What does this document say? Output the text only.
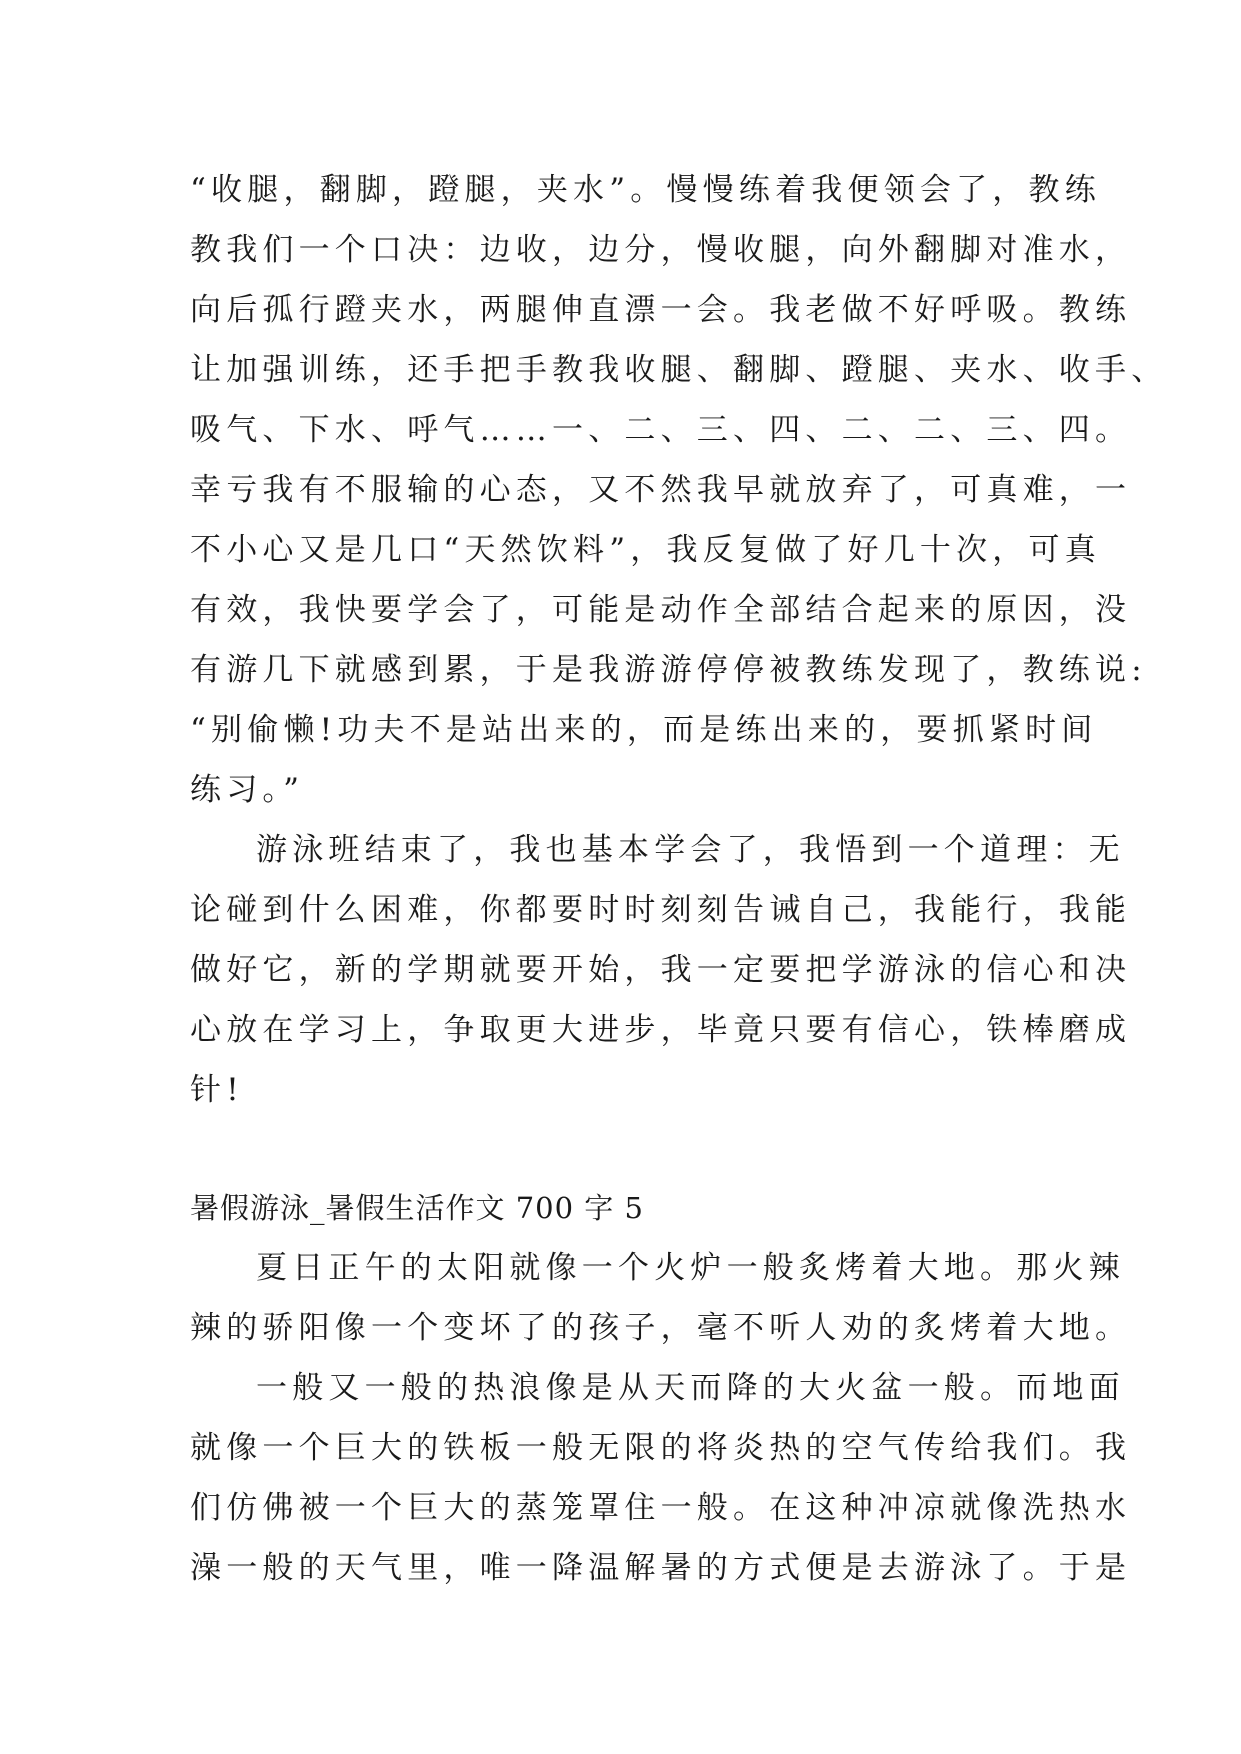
“收腿，翻脚，蹬腿，夹水”。慢慢练着我便领会了，教练
教我们一个口决：边收，边分，慢收腿，向外翻脚对准水，
向后孤行蹬夹水，两腿伸直漂一会。我老做不好呼吸。教练
让加强训练，还手把手教我收腿、翻脚、蹬腿、夹水、收手、
吸气、下水、呼气……一、二、三、四、二、二、三、四。
幸亏我有不服输的心态，又不然我早就放弃了，可真难，一
不小心又是几口“天然饮料”，我反复做了好几十次，可真
有效，我快要学会了，可能是动作全部结合起来的原因，没
有游几下就感到累，于是我游游停停被教练发现了，教练说:
“别偷懒!功夫不是站出来的，而是练出来的，要抓紧时间
练习。”
游泳班结束了，我也基本学会了，我悟到一个道理：无
论碰到什么困难，你都要时时刻刻告诫自己，我能行，我能
做好它，新的学期就要开始，我一定要把学游泳的信心和决
心放在学习上，争取更大进步，毕竟只要有信心，铁棒磨成
针!
暑假游泳_暑假生活作文 700 字 5
夏日正午的太阳就像一个火炉一般炙烤着大地。那火辣
辣的骄阳像一个变坏了的孩子，毫不听人劝的炙烤着大地。
一般又一般的热浪像是从天而降的大火盆一般。而地面
就像一个巨大的铁板一般无限的将炎热的空气传给我们。我
们仿佛被一个巨大的蒸笼罩住一般。在这种冲凉就像洗热水
澡一般的天气里，唯一降温解暑的方式便是去游泳了。于是
